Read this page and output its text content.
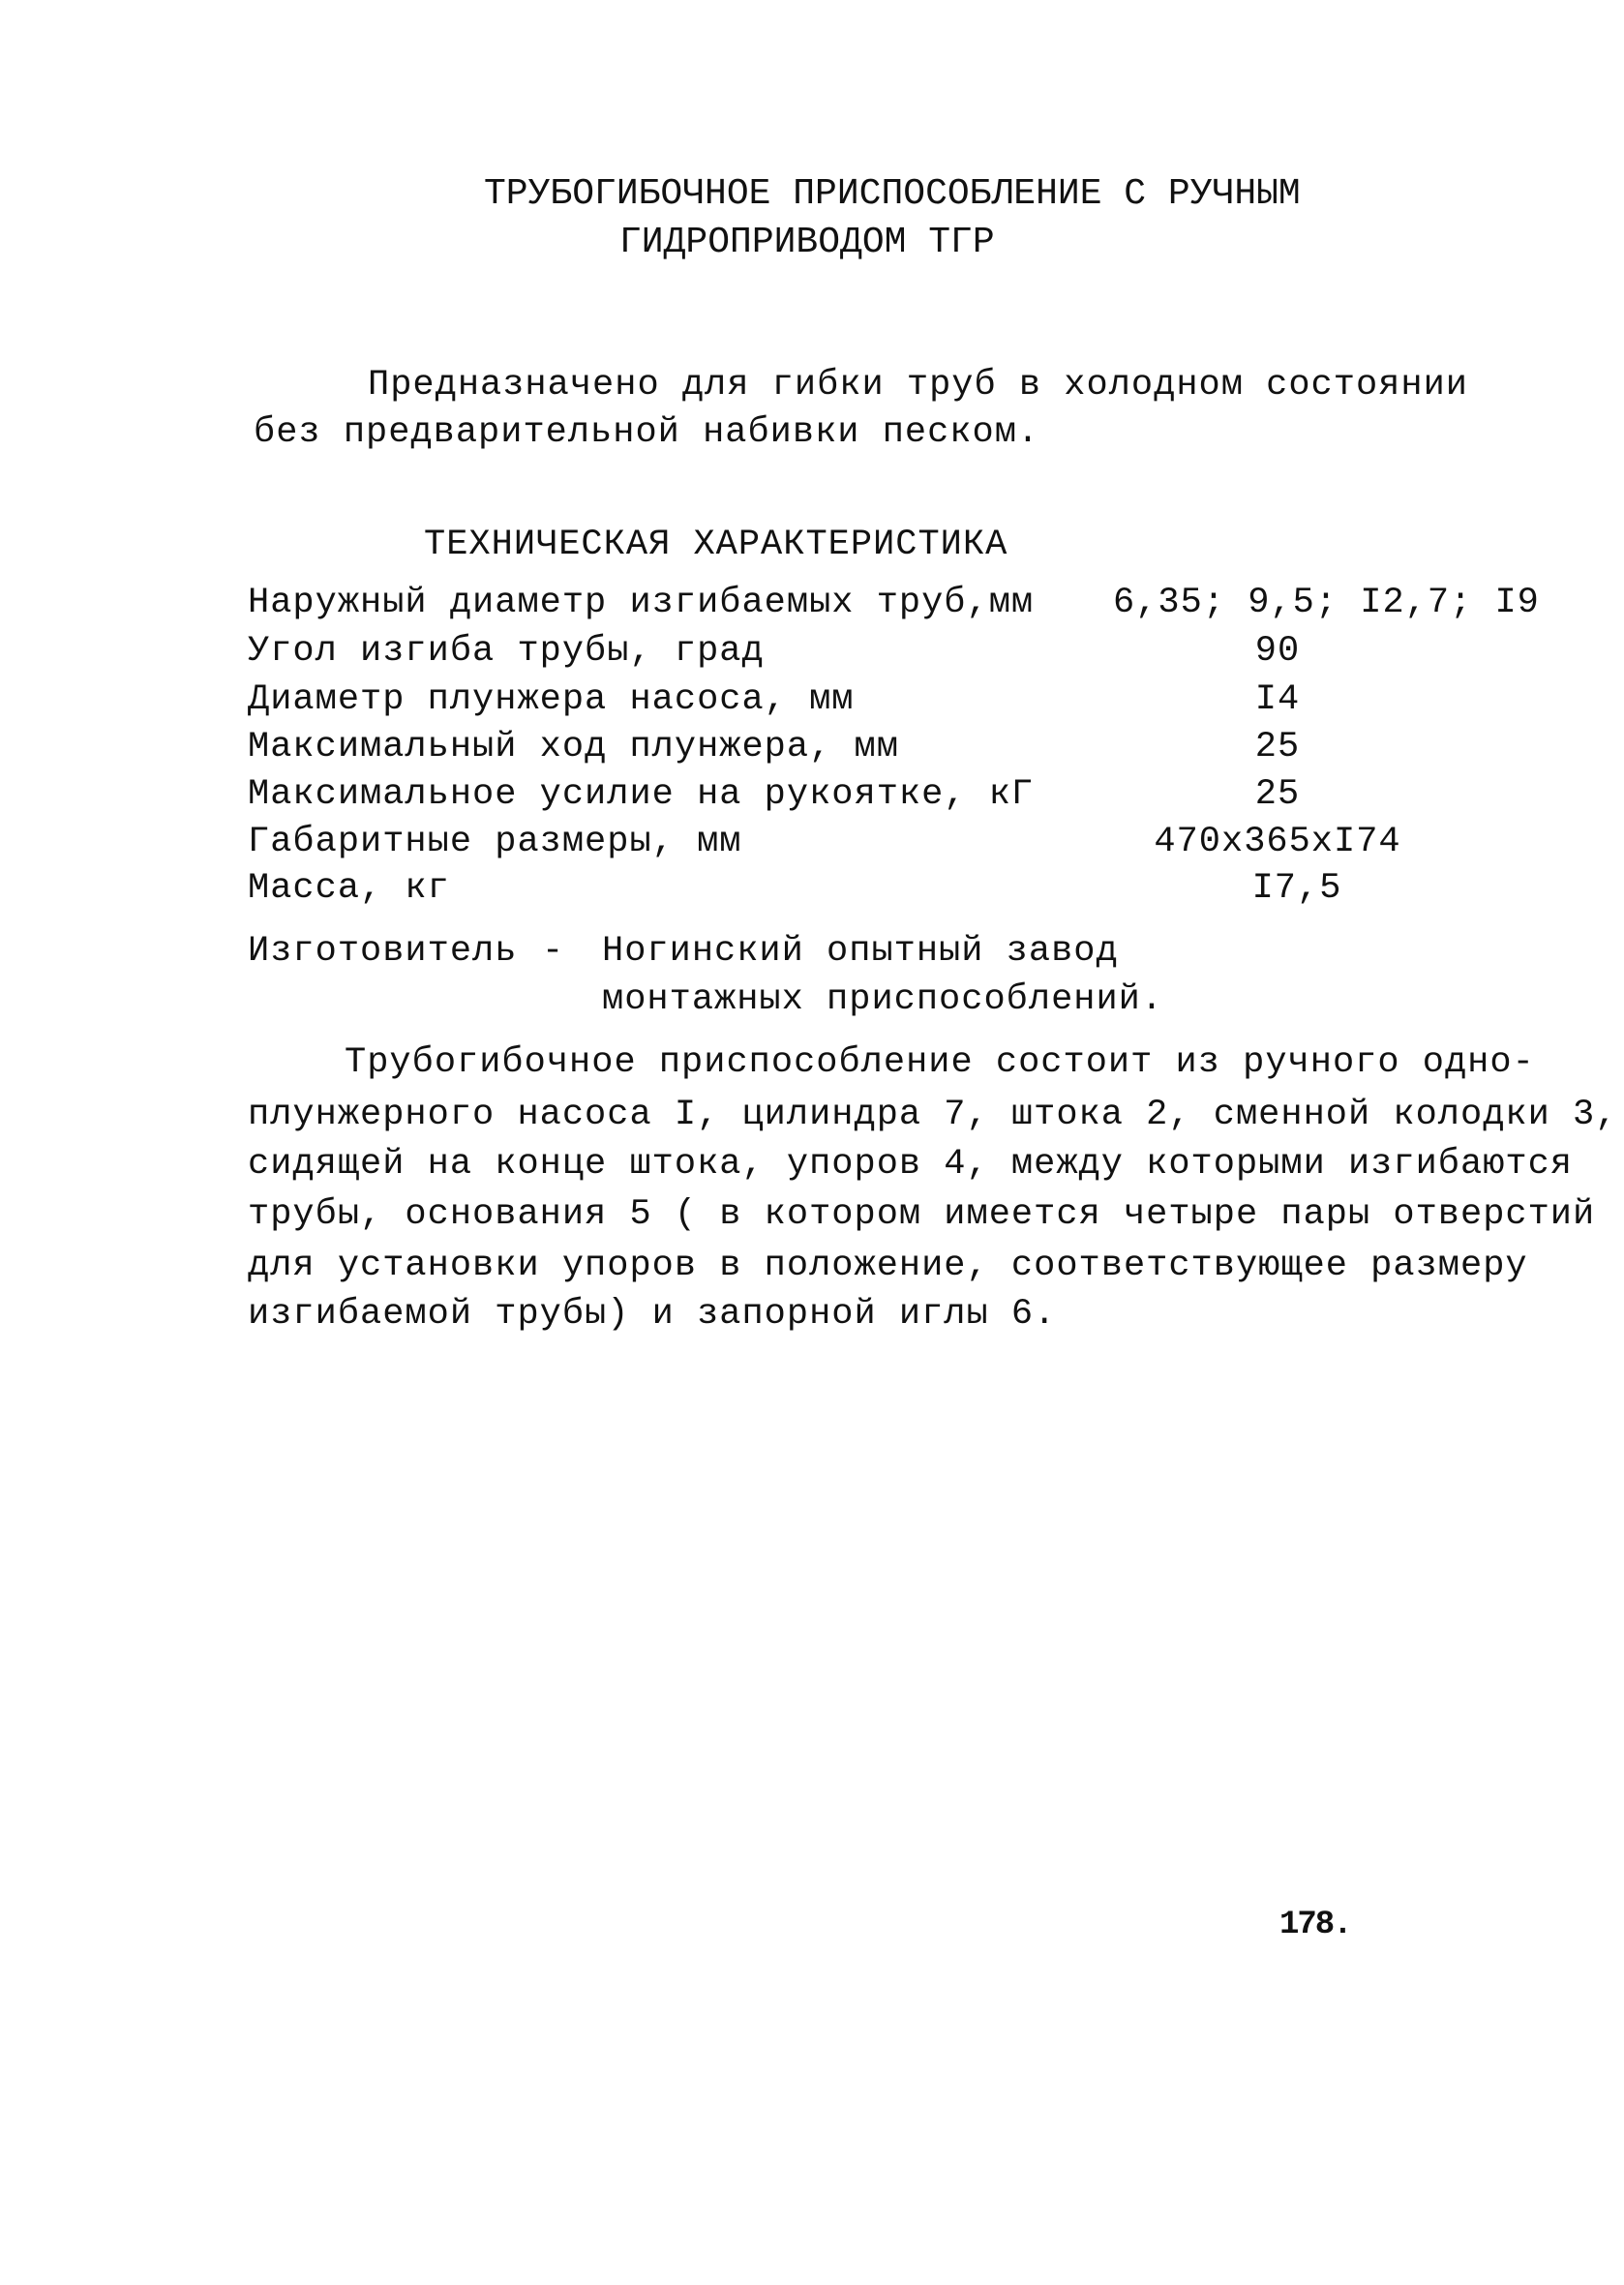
ТРУБОГИБОЧНОЕ ПРИСПОСОБЛЕНИЕ С РУЧНЫМ
ГИДРОПРИВОДОМ ТГР
Предназначено для гибки труб в холодном состоянии
без предварительной набивки песком.
ТЕХНИЧЕСКАЯ ХАРАКТЕРИСТИКА
Наружный диаметр изгибаемых труб,мм 6,35; 9,5; I2,7; I9
Угол изгиба трубы, град	90
Диаметр плунжера насоса, мм	I4
Максимальный ход плунжера, мм	25
Максимальное усилие на рукоятке, кГ	25
Габаритные размеры, мм	470x365xI74
Масса, кг	I7,5
Изготовитель - Ногинский опытный завод
монтажных приспособлений.
Трубогибочное приспособление состоит из ручного одно-
плунжерного насоса I, цилиндра 7, штока 2, сменной колодки 3,
сидящей на конце штока, упоров 4, между которыми изгибаются
трубы, основания 5 ( в котором имеется четыре пары отверстий
для установки упоров в положение, соответствующее размеру
изгибаемой трубы) и запорной иглы 6.
178.
